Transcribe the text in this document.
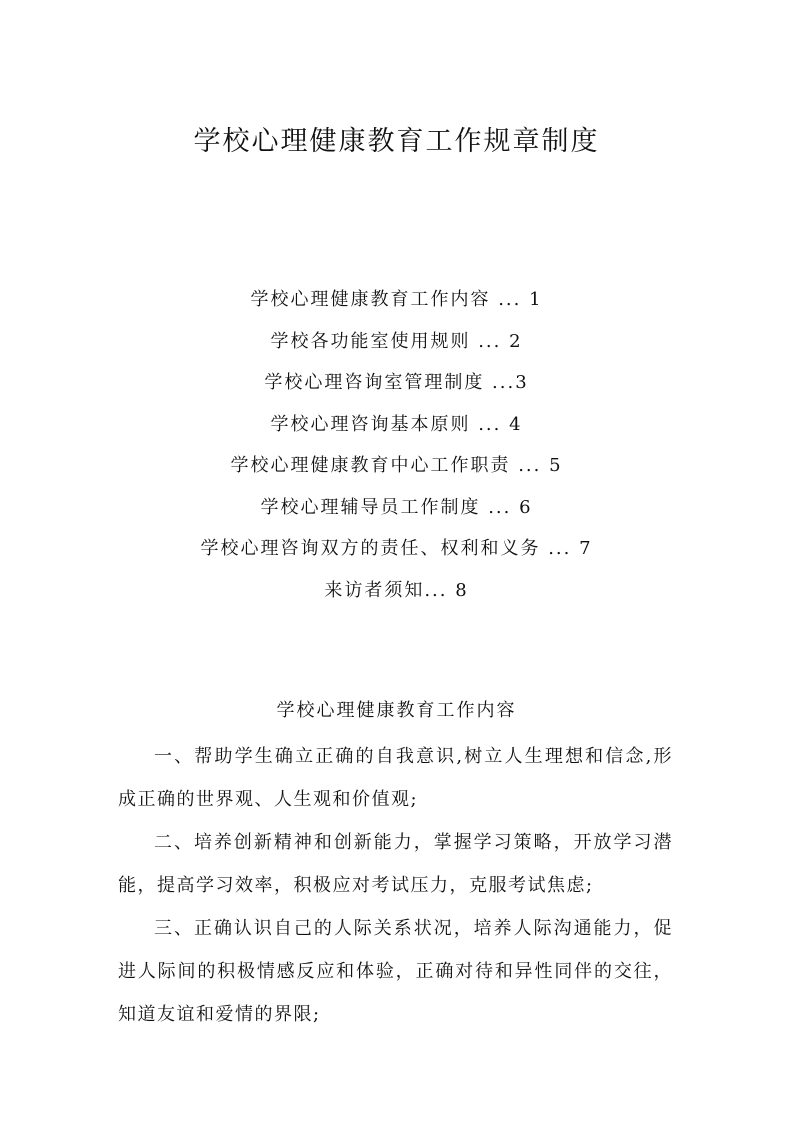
学校心理健康教育工作规章制度
学校心理健康教育工作内容 ... 1
学校各功能室使用规则 ... 2
学校心理咨询室管理制度 ...3
学校心理咨询基本原则 ... 4
学校心理健康教育中心工作职责 ... 5
学校心理辅导员工作制度 ... 6
学校心理咨询双方的责任、权利和义务 ... 7
来访者须知... 8
学校心理健康教育工作内容

一、帮助学生确立正确的自我意识,树立人生理想和信念,形成正确的世界观、人生观和价值观;

二、培养创新精神和创新能力，掌握学习策略，开放学习潜能，提高学习效率，积极应对考试压力，克服考试焦虑;

三、正确认识自己的人际关系状况，培养人际沟通能力，促进人际间的积极情感反应和体验，正确对待和异性同伴的交往，知道友谊和爱情的界限;
